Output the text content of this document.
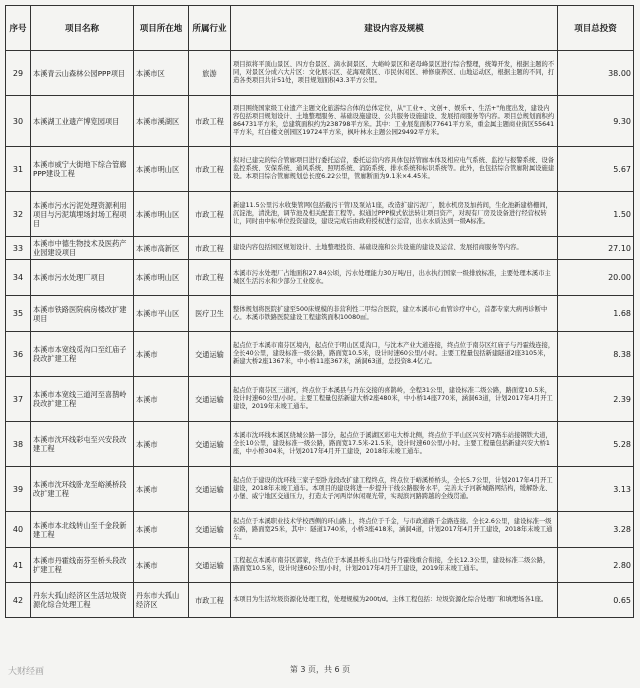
序号	项目名称	项目所在地	所属行业	建设内容及规模	项目总投资
29	本溪青云山森林公园PPP项目	本溪市区	旅游	项目拟将平顶山景区、四方台景区、滴水洞景区、大峪岭景区和老母峰景区进行综合整理，统筹开发，根据主题的不同，对景区分成六大片区：文化展示区、花海观赏区、市民休闲区、禅修康养区、山地运动区，根据主题的不同，打造各类项目共计51处，项目规划面积43.3平方公里。	38.00
30	本溪湖工业遗产博览园项目	本溪市溪湖区	市政工程	项目围绕国家级工业遗产主题文化旅游综合体的总体定位，从"工业+、文创+、娱乐+、生活+"角度出发，建设内容包括项目规划设计、土地整理服务、基础设施建设、公共服务设施建设、发展招商服务等内容。项目总规划面积约864731平方米，总建筑面积约为238798平方米。其中：工业展览面积77641平方米，重金属主题商业街区55641平方米，红白楼文创园区19724平方米，枫叶林水主题公园29492平方米。	9.30
31	本溪市威宁大街地下综合管廊PPP建设工程	本溪市明山区	市政工程	拟对已建完的综合管廊项目进行委托运营，委托运营内容具体包括管廊本体及相应电气系统、监控与报警系统、设备监控系统、安保系统、通风系统、照明系统、消防系统、排水系统和标识系统等。此外，也包括综合管廊附属设施建设。本项目综合管廊规划总长度6.22公里，管廊断面为9.1米×4.45米。	5.67
32	本溪市污水污泥处理资源利用项目与污泥填埋场封场工程项目	本溪市明山区	市政工程	新建11.5公里污水收集管网(包括截污干管)及泵站1座，改造扩建污泥厂，脱水机房及加药间，生化池新建格栅间，沉淀池，清洗池，调节池及相关配套工程等。拟通过PPP模式依法转让项目资产，对现有厂房及设备进行经营权转让，同时由中标单位投资建设，建设完成后由政府授权进行运营，出水水质达到一级A标准。	1.50
33	本溪市中德生物技术及医药产业园建设项目	本溪市高新区	市政工程	建设内容包括园区规划设计、土地整理投资、基础设施和公共设施的建设及运营、发展招商服务等内容。	27.10
34	本溪市污水处理厂项目	本溪市明山区	市政工程	本溪市污水处理厂占地面积27.84公顷，污水处理能力30万吨/日，出水执行国家一级排放标准，主要处理本溪市主城区生活污水和少部分工业废水。	20.00
35	本溪市铁路医院病房楼改扩建项目	本溪市平山区	医疗卫生	整体规划将医院扩建至500床规模的非营利性二甲综合医院，建立本溪市心血管诊疗中心，首都专家大病再诊断中心。本溪市铁路医院建设工程建筑面积10080㎡。	1.68
36	本溪市本宽线觅沟口至红庙子段改扩建工程	本溪市	交通运输	起点位于本溪市南芬区境内，起点位于明山区觅沟口，与沈本产业大道连接，终点位于南芬区红庙子与丹霍线连接，全长40公里，建设标准一级公路，路面宽10.5米，设计时速60公里/小时。主要工程量包括新建隧道2座3105米，新建大桥2座1367米，中小桥11座367米，涵洞63道，总投资8.4亿元。	8.38
37	本溪市本宽线三道河至喜鹊岭段改扩建工程	本溪市	交通运输	起点位于南芬区三道河，终点位于本溪县与丹东交接的喜鹊岭，全程31公里，建设标准二级公路，路面宽10.5米，设计时速60公里/小时。主要工程量包括新建大桥2座480米，中小桥14座770米，涵洞63道，计划2017年4月开工建设，2019年末竣工通车。	2.39
38	本溪市沈环线彩屯至兴安段改建工程	本溪市	交通运输	本溪市沈环线本溪区绕城公路一部分，起点位于溪湖区彩屯大桥北侧，终点位于平山区兴安村7路车站接钢铁大道，全长10公里，建设标准一级公路，路面宽17.5米-21.5米，设计时速60公里/小时。主要工程量包括新建兴安大桥1座，中小桥304米，计划2017年4月开工建设，2018年末竣工通车。	5.28
39	本溪市沈环线卧龙至峪溪桥段改扩建工程	本溪市	交通运输	起点位于建设的沈环线三家子至卧龙段改扩建工程终点，终点位于峪溪桥桥头，全长5.7公里，计划2017年4月开工建设，2018年末竣工通车。本项目的建设将进一步提升干线公路服务水平，完善太子河新城路网结构，缓解卧龙、小堡、威宁地区交通压力，打造太子河两岸休闲观光带，实现滨河路跨越的全线贯通。	3.13
40	本溪市本北线转山至千金段新建工程	本溪市	交通运输	起点位于本溪职业技术学校西侧的环山路上，终点位于千金，与市政道路千金路连接。全长2.6公里，建设标准一级公路，路面宽25米，其中：隧道1740米，小桥3座418米，涵洞4道，计划2017年4月开工建设，2018年末竣工通车。	3.28
41	本溪市丹霍线南芬至桥头段改扩建工程	本溪市	交通运输	工程起点本溪市南芬区郭家，终点位于本溪县桥头出口处与丹霍线重合衔接，全长12.3公里，建设标准二级公路，路面宽10.5米，设计时速60公里/小时，计划2017年4月开工建设，2019年末竣工通车。	2.80
42	丹东大孤山经济区生活垃圾资源化综合处理工程	丹东市大孤山经济区	市政工程	本项目为生活垃圾资源化处理工程，处理规模为200t/d。主体工程包括：垃圾资源化综合处理厂和填埋场各1座。	0.65
大财经画	第 3 页，共 6 页
